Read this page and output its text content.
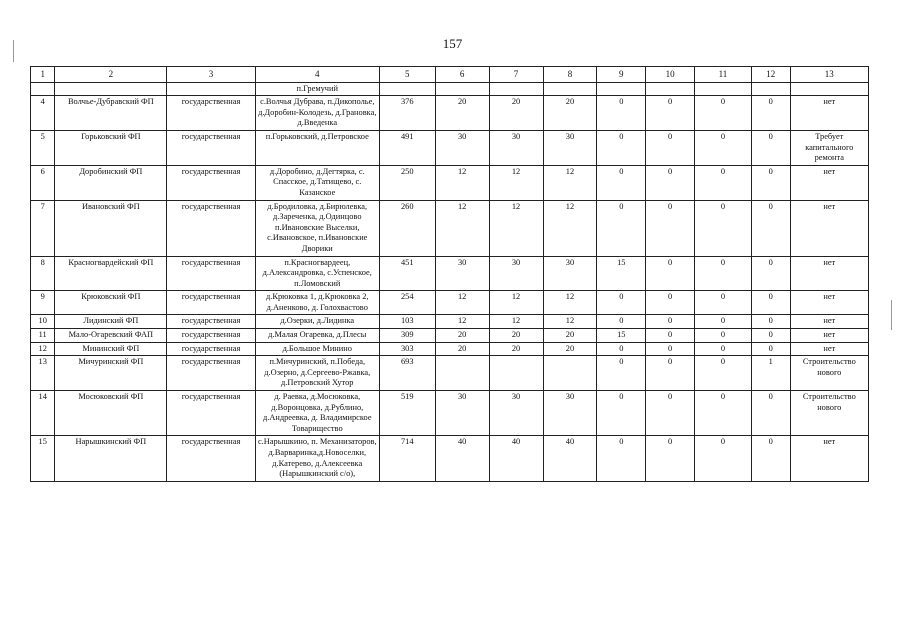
157
1	2	3	4	5	6	7	8	9	10	11	12	13
			п.Гремучий									
4	Волчье-Дубравский ФП	государственная	с.Волчья Дубрава, п.Дикопольe, д.Доробин-Колодезь, д.Грановка, д.Введенка	376	20	20	20	0	0	0	0	нет
5	Горьковский ФП	государственная	п.Горьковский, д.Петровское	491	30	30	30	0	0	0	0	Требует капитального ремонта
6	Доробинский ФП	государственная	д.Доробино, д.Дегтярка, с. Спасское, д.Татищево, с. Казанское	250	12	12	12	0	0	0	0	нет
7	Ивановский ФП	государственная	д.Бродиловка, д.Бирюлевка, д.Зареченка, д.Одинцово п.Ивановские Выселки, с.Ивановское, п.Ивановские Дворики	260	12	12	12	0	0	0	0	нет
8	Красногвардейский ФП	государственная	п.Красногвардеец, д.Александровка, с.Успенское, п.Ломовский	451	30	30	30	15	0	0	0	нет
9	Крюковский ФП	государственная	д.Крюковка 1, д.Крюковка 2, д.Аненково, д. Голохвастово	254	12	12	12	0	0	0	0	нет
10	Лидинский ФП	государственная	д.Озерки, д.Лидинка	103	12	12	12	0	0	0	0	нет
11	Мало-Огаревский ФАП	государственная	д.Малая Огаревка, д.Плесы	309	20	20	20	15	0	0	0	нет
12	Мининский ФП	государственная	д.Большое Минино	303	20	20	20	0	0	0	0	нет
13	Мичуринский ФП	государственная	п.Мичуринский, п.Победа, д.Озерно, д.Сергеево-Ржавка, д.Петровский Хутор	693				0	0	0	1	Строительство нового
14	Мосюковский ФП	государственная	д. Раевка, д.Мосюковка, д.Воронцовка, д.Рублино, д.Андреевка, д. Владимирское Товарищество	519	30	30	30	0	0	0	0	Строительство нового
15	Нарышкинский ФП	государственная	с.Нарышкино, п. Механизаторов, д.Варваринка,д.Новоселки, д.Катерево, д.Алексеевка (Нарышкинский с/о),	714	40	40	40	0	0	0	0	нет
